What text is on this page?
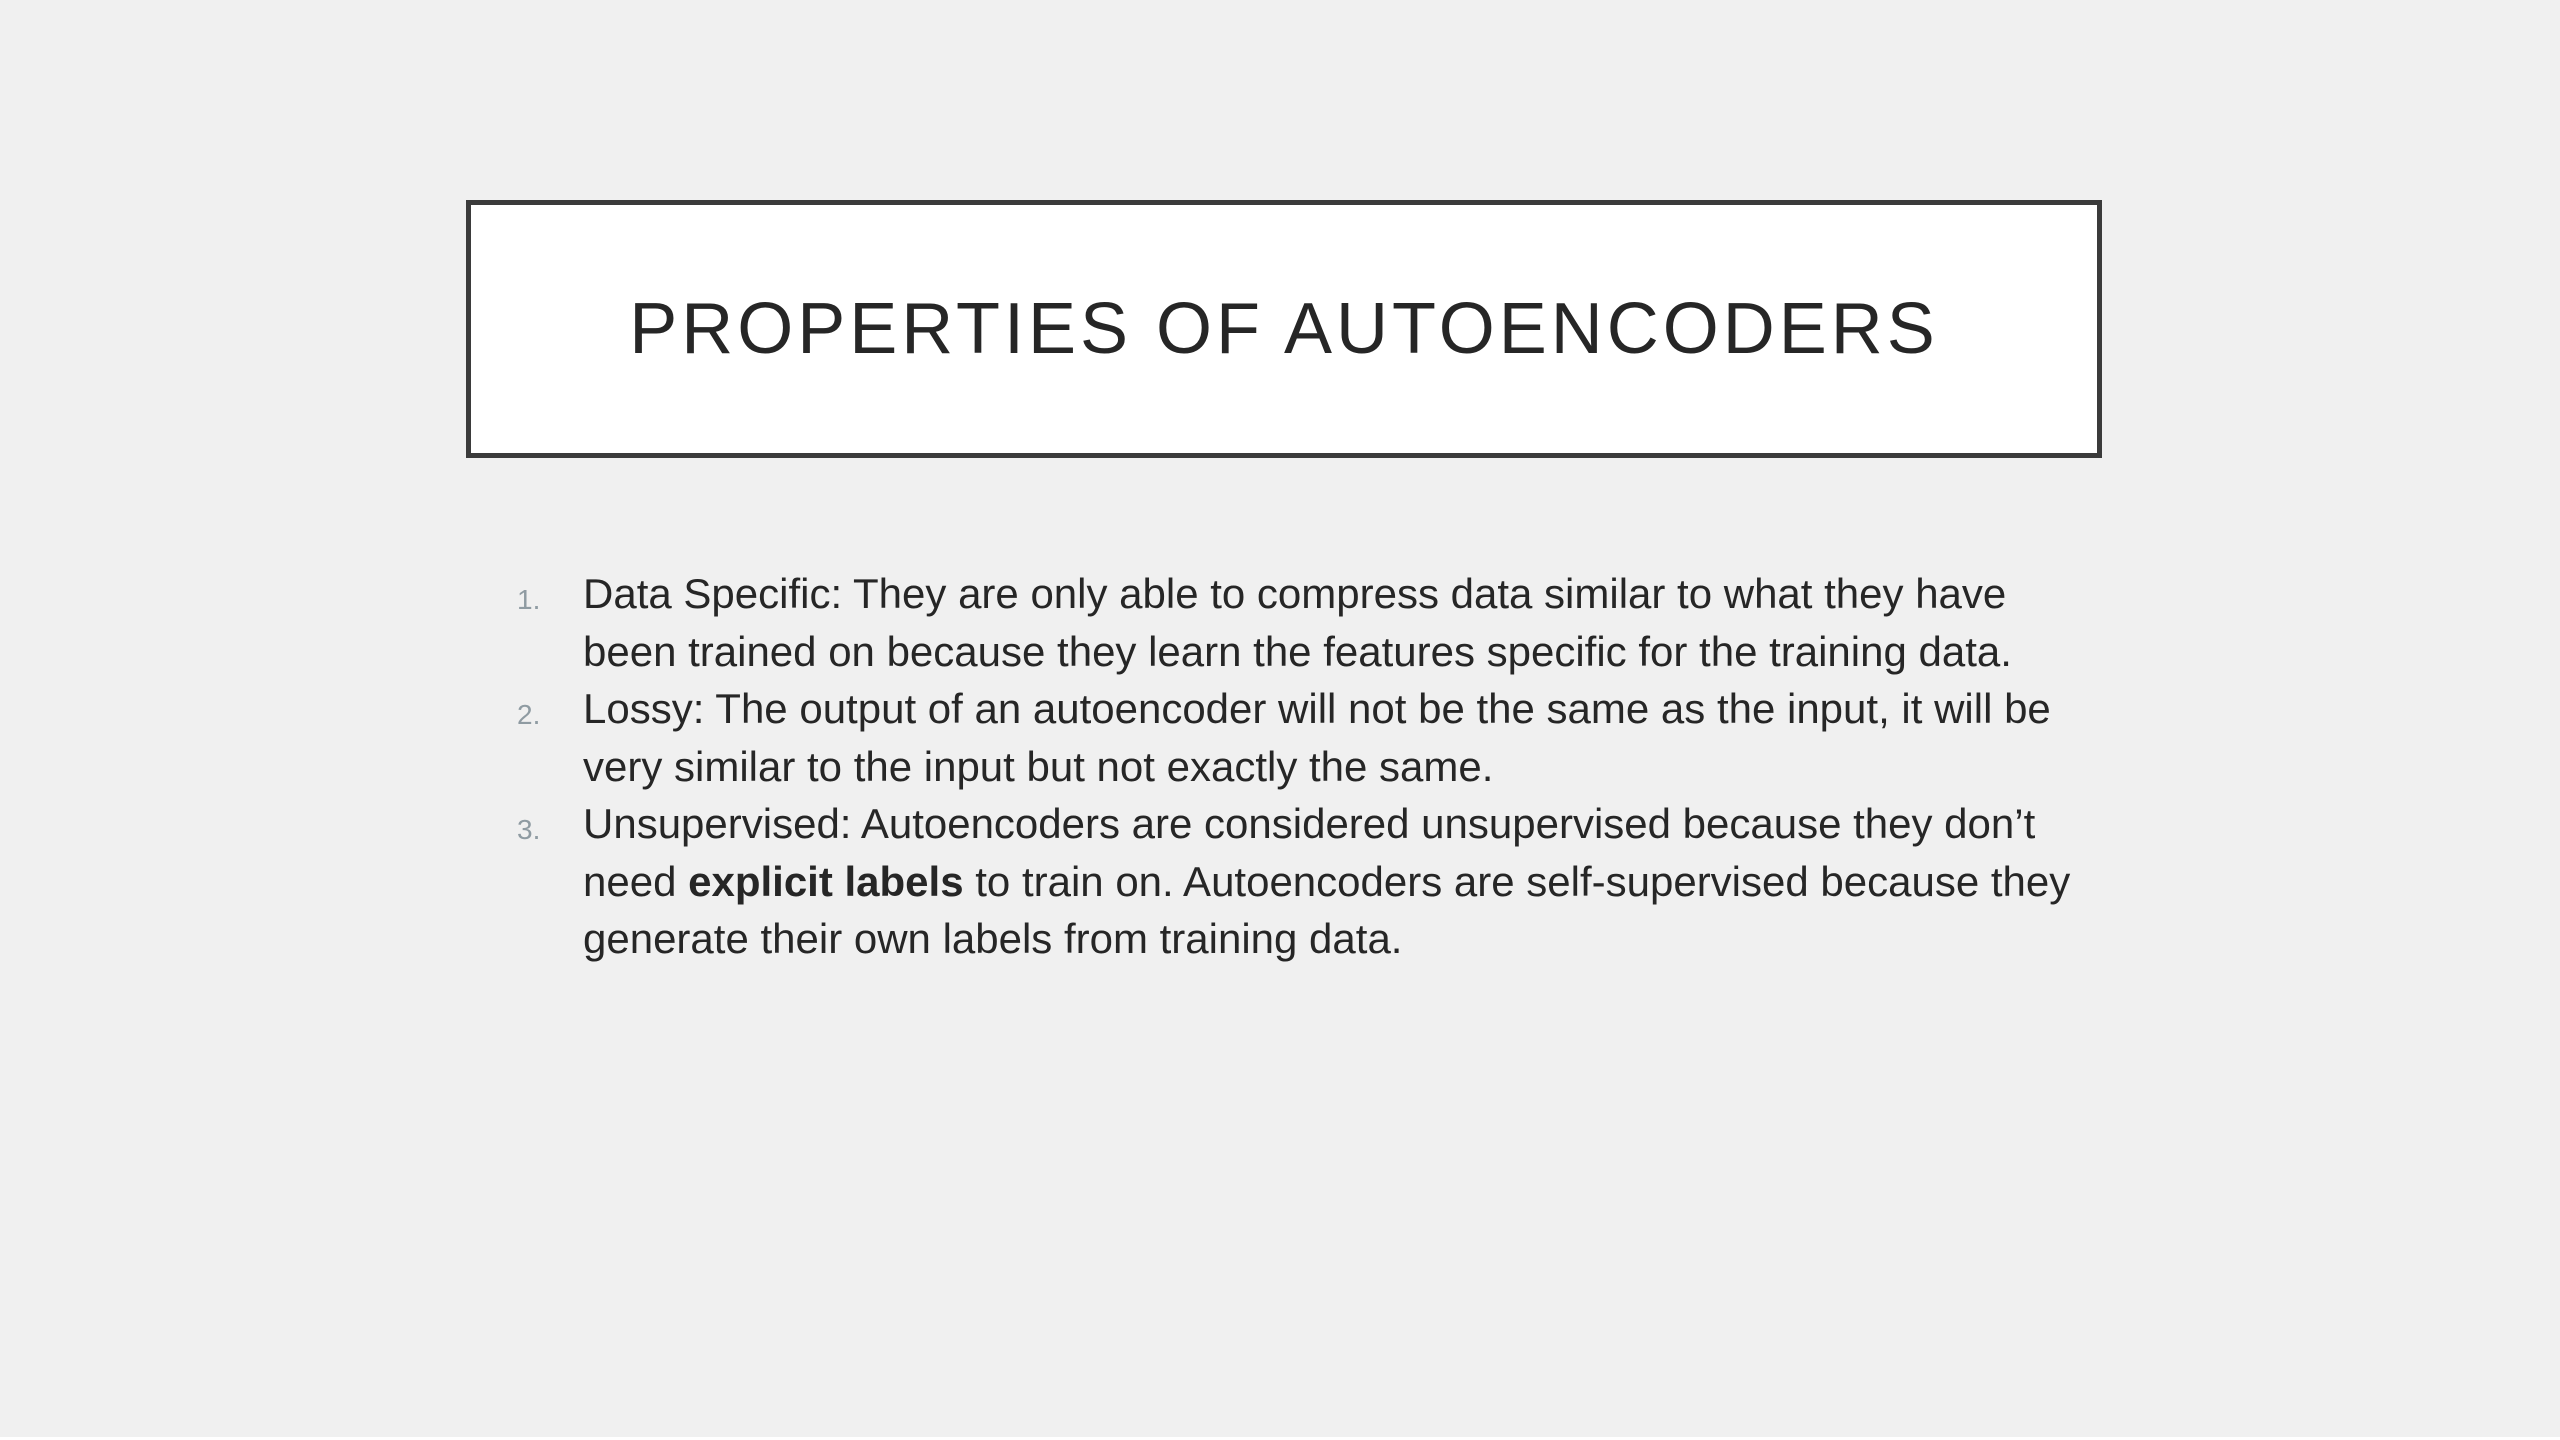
PROPERTIES OF AUTOENCODERS
1. Data Specific: They are only able to compress data similar to what they have been trained on because they learn the features specific for the training data.
2. Lossy: The output of an autoencoder will not be the same as the input, it will be very similar to the input but not exactly the same.
3. Unsupervised: Autoencoders are considered unsupervised because they don’t need explicit labels to train on. Autoencoders are self-supervised because they generate their own labels from training data.
